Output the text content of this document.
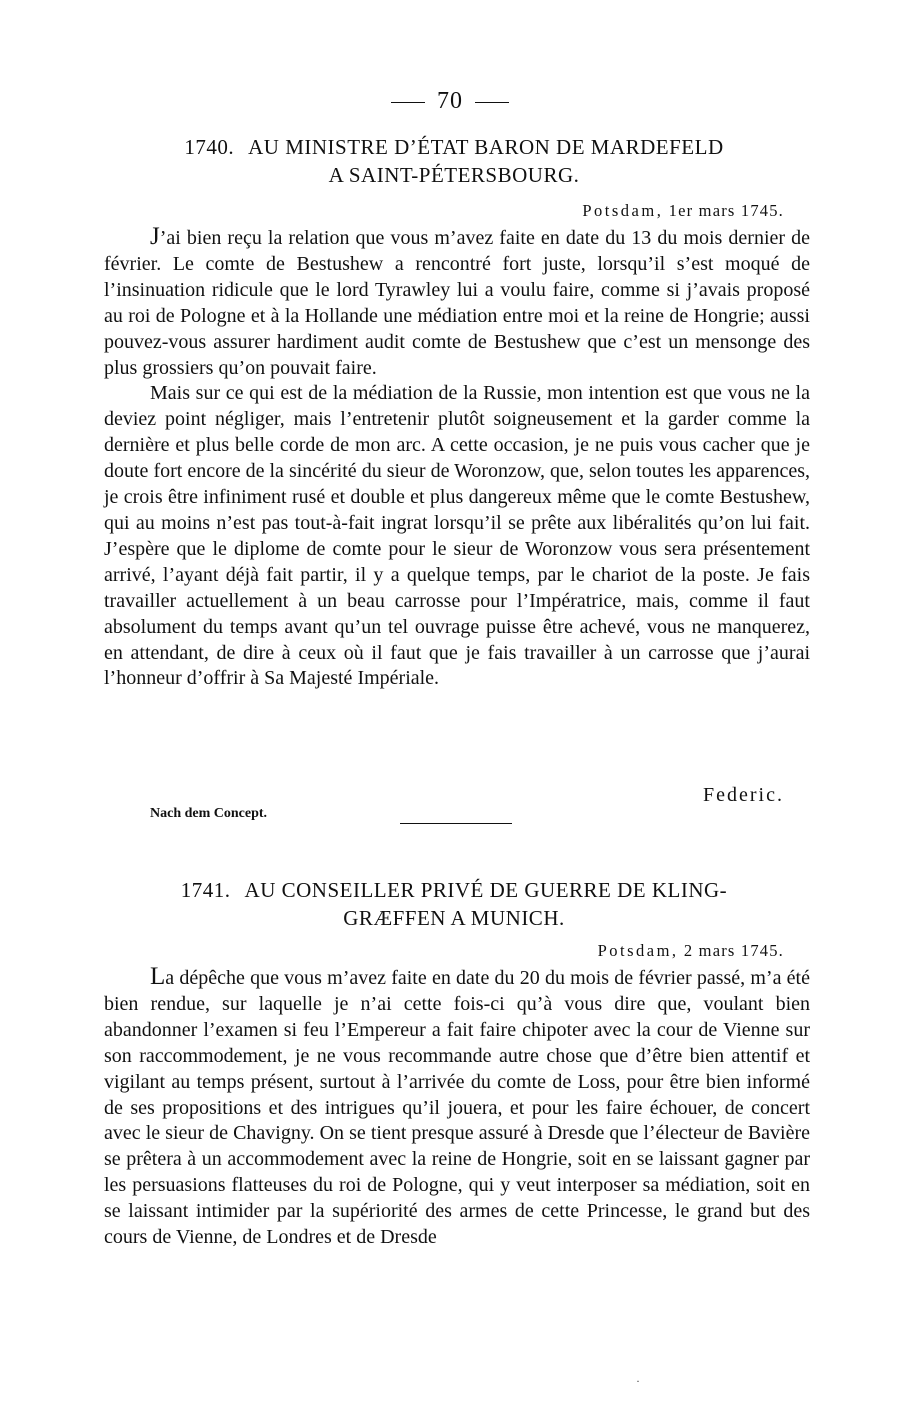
70
1740. AU MINISTRE D’ÉTAT BARON DE MARDEFELD
A SAINT-PÉTERSBOURG.
Potsdam, 1er mars 1745.

J’ai bien reçu la relation que vous m’avez faite en date du 13 du mois dernier de février. Le comte de Bestushew a rencontré fort juste, lorsqu’il s’est moqué de l’insinuation ridicule que le lord Tyrawley lui a voulu faire, comme si j’avais proposé au roi de Pologne et à la Hollande une médiation entre moi et la reine de Hongrie; aussi pouvez-vous assurer hardiment audit comte de Bestushew que c’est un mensonge des plus grossiers qu’on pouvait faire.

Mais sur ce qui est de la médiation de la Russie, mon intention est que vous ne la deviez point négliger, mais l’entretenir plutôt soigneusement et la garder comme la dernière et plus belle corde de mon arc. A cette occasion, je ne puis vous cacher que je doute fort encore de la sincérité du sieur de Woronzow, que, selon toutes les apparences, je crois être infiniment rusé et double et plus dangereux même que le comte Bestushew, qui au moins n’est pas tout-à-fait ingrat lorsqu’il se prête aux libéralités qu’on lui fait. J’espère que le diplome de comte pour le sieur de Woronzow vous sera présentement arrivé, l’ayant déjà fait partir, il y a quelque temps, par le chariot de la poste. Je fais travailler actuellement à un beau carrosse pour l’Impératrice, mais, comme il faut absolument du temps avant qu’un tel ouvrage puisse être achevé, vous ne manquerez, en attendant, de dire à ceux où il faut que je fais travailler à un carrosse que j’aurai l’honneur d’offrir à Sa Majesté Impériale.

Federic.
Nach dem Concept.
1741. AU CONSEILLER PRIVÉ DE GUERRE DE KLING-
GRÆFFEN A MUNICH.
Potsdam, 2 mars 1745.

La dépêche que vous m’avez faite en date du 20 du mois de février passé, m’a été bien rendue, sur laquelle je n’ai cette fois-ci qu’à vous dire que, voulant bien abandonner l’examen si feu l’Empereur a fait faire chipoter avec la cour de Vienne sur son raccommodement, je ne vous recommande autre chose que d’être bien attentif et vigilant au temps présent, surtout à l’arrivée du comte de Loss, pour être bien informé de ses propositions et des intrigues qu’il jouera, et pour les faire échouer, de concert avec le sieur de Chavigny. On se tient presque assuré à Dresde que l’électeur de Bavière se prêtera à un accommodement avec la reine de Hongrie, soit en se laissant gagner par les persuasions flatteuses du roi de Pologne, qui y veut interposer sa médiation, soit en se laissant intimider par la supériorité des armes de cette Princesse, le grand but des cours de Vienne, de Londres et de Dresde

·
